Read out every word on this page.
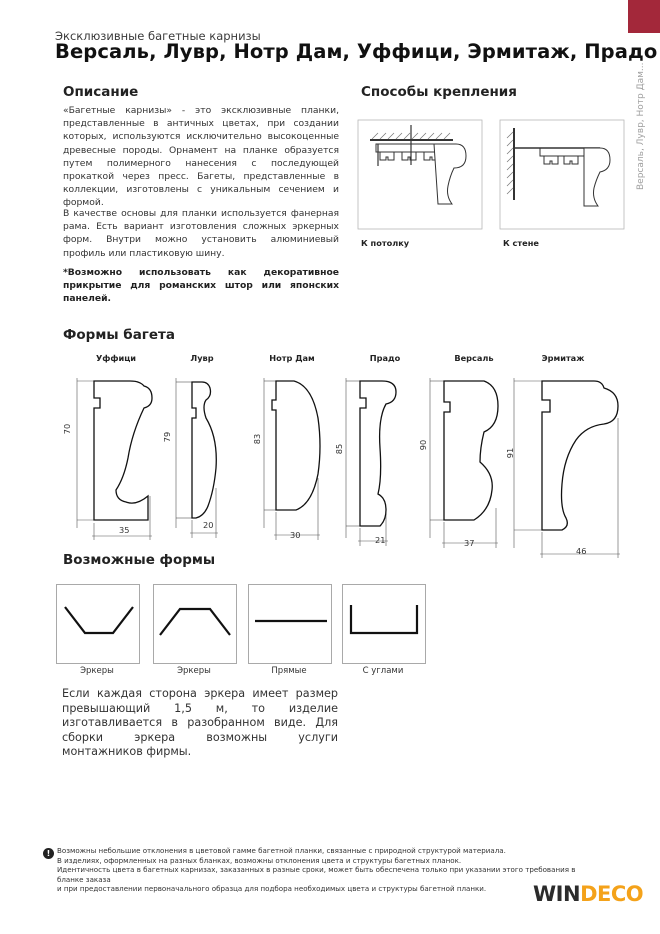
Версаль, Лувр, Нотр Дам...
Эксклюзивные багетные карнизы
Версаль, Лувр, Нотр Дам, Уффици, Эрмитаж, Прадо
Описание
«Багетные карнизы» - это эксклюзивные планки, представленные в античных цветах, при создании которых, используются исключительно высокоценные древесные породы. Орнамент на планке образуется путем полимерного нанесения с последующей прокаткой через пресс. Багеты, представленные в коллекции, изготовлены с уникальным сечением и формой.
В качестве основы для планки используется фанерная рама. Есть вариант изготовления сложных эркерных форм. Внутри можно установить алюминиевый профиль или пластиковую шину.
*Возможно использовать как декоративное прикрытие для романских штор или японских панелей.
Способы крепления
К потолку	К стене
Формы багета
Уффици	Лувр	Нотр Дам	Прадо	Версаль	Эрмитаж
70
35
79
20
83
30
85
21
90
37
91
46
Возможные формы
Эркеры	Эркеры	Прямые	С углами
Если каждая сторона эркера имеет размер превышающий 1,5 м, то изделие изготавливается в разобранном виде. Для сборки эркера возможны услуги монтажников фирмы.
! Возможны небольшие отклонения в цветовой гамме багетной планки, связанные с природной структурой материала.
В изделиях, оформленных на разных бланках, возможны отклонения цвета и структуры багетных планок.
Идентичность цвета в багетных карнизах, заказанных в разные сроки, может быть обеспечена только при указании этого требования в бланке заказа
и при предоставлении первоначального образца для подбора необходимых цвета и структуры багетной планки.	WINDECO
